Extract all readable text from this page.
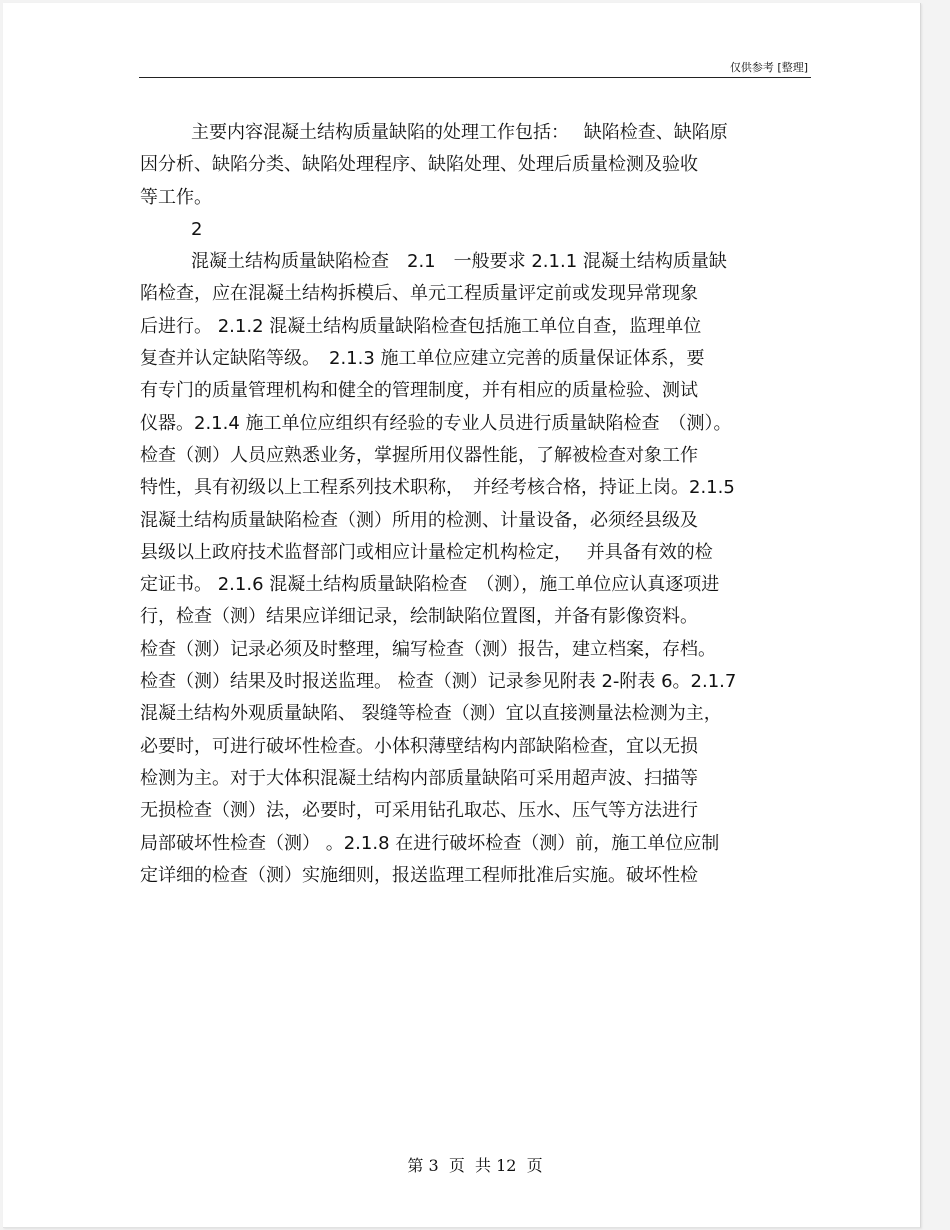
仅供参考 [整理]
主要内容混凝土结构质量缺陷的处理工作包括：　 缺陷检查、缺陷原
因分析、缺陷分类、缺陷处理程序、缺陷处理、处理后质量检测及验收
等工作。
2
混凝土结构质量缺陷检查　2.1　一般要求 2.1.1 混凝土结构质量缺
陷检查，应在混凝土结构拆模后、单元工程质量评定前或发现异常现象
后进行。 2.1.2 混凝土结构质量缺陷检查包括施工单位自查，监理单位
复查并认定缺陷等级。　2.1.3 施工单位应建立完善的质量保证体系，要
有专门的质量管理机构和健全的管理制度，并有相应的质量检验、测试
仪器。2.1.4 施工单位应组织有经验的专业人员进行质量缺陷检查　（测）。
检查（测）人员应熟悉业务，掌握所用仪器性能，了解被检查对象工作
特性，具有初级以上工程系列技术职称，　并经考核合格，持证上岗。2.1.5
混凝土结构质量缺陷检查（测）所用的检测、计量设备，必须经县级及
县级以上政府技术监督部门或相应计量检定机构检定，　 并具备有效的检
定证书。 2.1.6 混凝土结构质量缺陷检查　（测），施工单位应认真逐项进
行，检查（测）结果应详细记录，绘制缺陷位置图，并备有影像资料。
检查（测）记录必须及时整理，编写检查（测）报告，建立档案，存档。
检查（测）结果及时报送监理。 检查（测）记录参见附表 2-附表 6。2.1.7
混凝土结构外观质量缺陷、 裂缝等检查（测）宜以直接测量法检测为主，
必要时，可进行破坏性检查。小体积薄壁结构内部缺陷检查，宜以无损
检测为主。对于大体积混凝土结构内部质量缺陷可采用超声波、扫描等
无损检查（测）法，必要时，可采用钻孔取芯、压水、压气等方法进行
局部破坏性检查（测） 。2.1.8 在进行破坏检查（测）前，施工单位应制
定详细的检查（测）实施细则，报送监理工程师批准后实施。破坏性检
第 3  页  共 12  页
